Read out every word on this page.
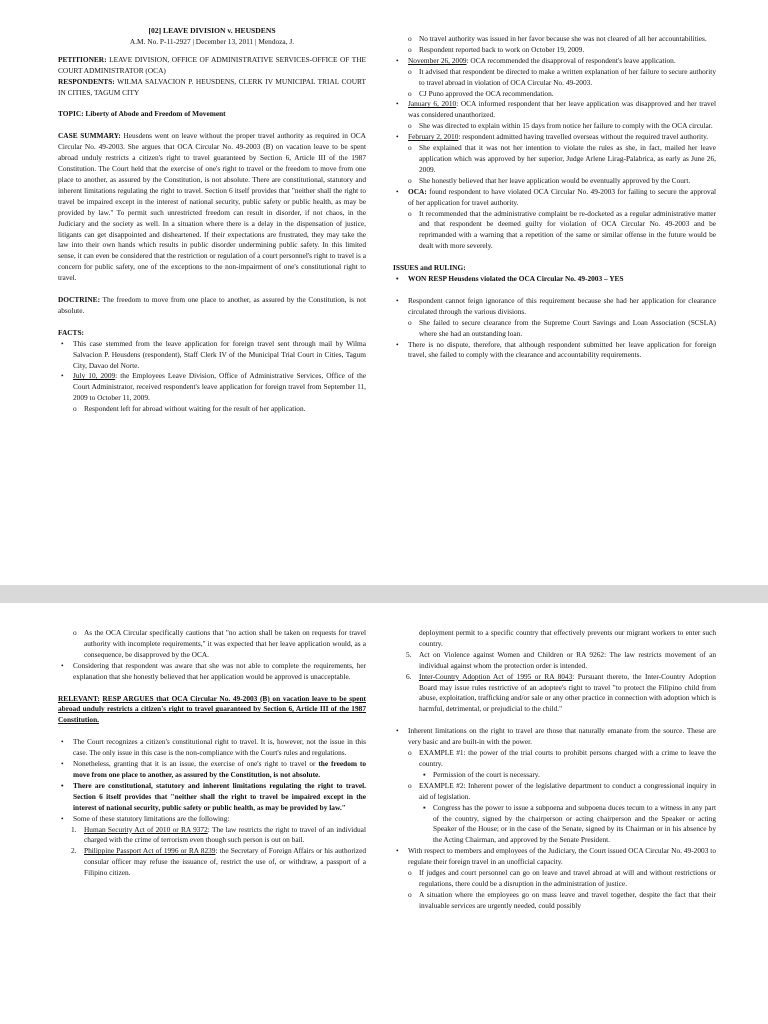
[02] LEAVE DIVISION v. HEUSDENS
A.M. No. P-11-2927 | December 13, 2011 | Mendoza, J.

PETITIONER: LEAVE DIVISION, OFFICE OF ADMINISTRATIVE SERVICES-OFFICE OF THE COURT ADMINISTRATOR (OCA)

RESPONDENTS: WILMA SALVACION P. HEUSDENS, CLERK IV MUNICIPAL TRIAL COURT IN CITIES, TAGUM CITY

TOPIC: Liberty of Abode and Freedom of Movement

CASE SUMMARY: Heusdens went on leave without the proper travel authority as required in OCA Circular No. 49-2003. She argues that OCA Circular No. 49-2003 (B) on vacation leave to be spent abroad unduly restricts a citizen's right to travel guaranteed by Section 6, Article III of the 1987 Constitution. The Court held that the exercise of one's right to travel or the freedom to move from one place to another, as assured by the Constitution, is not absolute. There are constitutional, statutory and inherent limitations regulating the right to travel. Section 6 itself provides that "neither shall the right to travel be impaired except in the interest of national security, public safety or public health, as may be provided by law." To permit such unrestricted freedom can result in disorder, if not chaos, in the Judiciary and the society as well. In a situation where there is a delay in the dispensation of justice, litigants can get disappointed and disheartened. If their expectations are frustrated, they may take the law into their own hands which results in public disorder undermining public safety. In this limited sense, it can even be considered that the restriction or regulation of a court personnel's right to travel is a concern for public safety, one of the exceptions to the non-impairment of one's constitutional right to travel.

DOCTRINE: The freedom to move from one place to another, as assured by the Constitution, is not absolute.

FACTS:

• This case stemmed from the leave application for foreign travel sent through mail by Wilma Salvacion P. Heusdens (respondent), Staff Clerk IV of the Municipal Trial Court in Cities, Tagum City, Davao del Norte.
• July 10, 2009: the Employees Leave Division, Office of Administrative Services, Office of the Court Administrator, received respondent's leave application for foreign travel from September 11, 2009 to October 11, 2009.
o Respondent left for abroad without waiting for the result of her application.
o No travel authority was issued in her favor because she was not cleared of all her accountabilities.
o Respondent reported back to work on October 19, 2009.
• November 26, 2009: OCA recommended the disapproval of respondent's leave application.
o It advised that respondent be directed to make a written explanation of her failure to secure authority to travel abroad in violation of OCA Circular No. 49-2003.
o CJ Puno approved the OCA recommendation.
• January 6, 2010: OCA informed respondent that her leave application was disapproved and her travel was considered unauthorized.
o She was directed to explain within 15 days from notice her failure to comply with the OCA circular.
• February 2, 2010: respondent admitted having travelled overseas without the required travel authority.
o She explained that it was not her intention to violate the rules as she, in fact, mailed her leave application which was approved by her superior, Judge Arlene Lirag-Palabrica, as early as June 26, 2009.
o She honestly believed that her leave application would be eventually approved by the Court.
• OCA: found respondent to have violated OCA Circular No. 49-2003 for failing to secure the approval of her application for travel authority.
o It recommended that the administrative complaint be re-docketed as a regular administrative matter and that respondent be deemed guilty for violation of OCA Circular No. 49-2003 and be reprimanded with a warning that a repetition of the same or similar offense in the future would be dealt with more severely.

ISSUES and RULING:

• WON RESP Heusdens violated the OCA Circular No. 49-2003 – YES
• Respondent cannot feign ignorance of this requirement because she had her application for clearance circulated through the various divisions.
o She failed to secure clearance from the Supreme Court Savings and Loan Association (SCSLA) where she had an outstanding loan.
• There is no dispute, therefore, that although respondent submitted her leave application for foreign travel, she failed to comply with the clearance and accountability requirements.
o As the OCA Circular specifically cautions that "no action shall be taken on requests for travel authority with incomplete requirements," it was expected that her leave application would, as a consequence, be disapproved by the OCA.
• Considering that respondent was aware that she was not able to complete the requirements, her explanation that she honestly believed that her application would be approved is unacceptable.

RELEVANT: RESP ARGUES that OCA Circular No. 49-2003 (B) on vacation leave to be spent abroad unduly restricts a citizen's right to travel guaranteed by Section 6, Article III of the 1987 Constitution.

• The Court recognizes a citizen's constitutional right to travel. It is, however, not the issue in this case. The only issue in this case is the non-compliance with the Court's rules and regulations.
• Nonetheless, granting that it is an issue, the exercise of one's right to travel or the freedom to move from one place to another, as assured by the Constitution, is not absolute.
• There are constitutional, statutory and inherent limitations regulating the right to travel. Section 6 itself provides that "neither shall the right to travel be impaired except in the interest of national security, public safety or public health, as may be provided by law."
• Some of these statutory limitations are the following:
1. Human Security Act of 2010 or RA 9372: The law restricts the right to travel of an individual charged with the crime of terrorism even though such person is out on bail.
2. Philippine Passport Act of 1996 or RA 8239: the Secretary of Foreign Affairs or his authorized consular officer may refuse the issuance of, restrict the use of, or withdraw, a passport of a Filipino citizen.

deployment permit to a specific country that effectively prevents our migrant workers to enter such country.

5. Act on Violence against Women and Children or RA 9262: The law restricts movement of an individual against whom the protection order is intended.
6. Inter-Country Adoption Act of 1995 or RA 8043: Pursuant thereto, the Inter-Country Adoption Board may issue rules restrictive of an adoptee's right to travel "to protect the Filipino child from abuse, exploitation, trafficking and/or sale or any other practice in connection with adoption which is harmful, detrimental, or prejudicial to the child."
• Inherent limitations on the right to travel are those that naturally emanate from the source. These are very basic and are built-in with the power.
o EXAMPLE #1: the power of the trial courts to prohibit persons charged with a crime to leave the country.
▪ Permission of the court is necessary.
o EXAMPLE #2: Inherent power of the legislative department to conduct a congressional inquiry in aid of legislation.
▪ Congress has the power to issue a subpoena and subpoena duces tecum to a witness in any part of the country, signed by the chairperson or acting chairperson and the Speaker or acting Speaker of the House; or in the case of the Senate, signed by its Chairman or in his absence by the Acting Chairman, and approved by the Senate President.
• With respect to members and employees of the Judiciary, the Court issued OCA Circular No. 49-2003 to regulate their foreign travel in an unofficial capacity.
o If judges and court personnel can go on leave and travel abroad at will and without restrictions or regulations, there could be a disruption in the administration of justice.
o A situation where the employees go on mass leave and travel together, despite the fact that their invaluable services are urgently needed, could possibly
